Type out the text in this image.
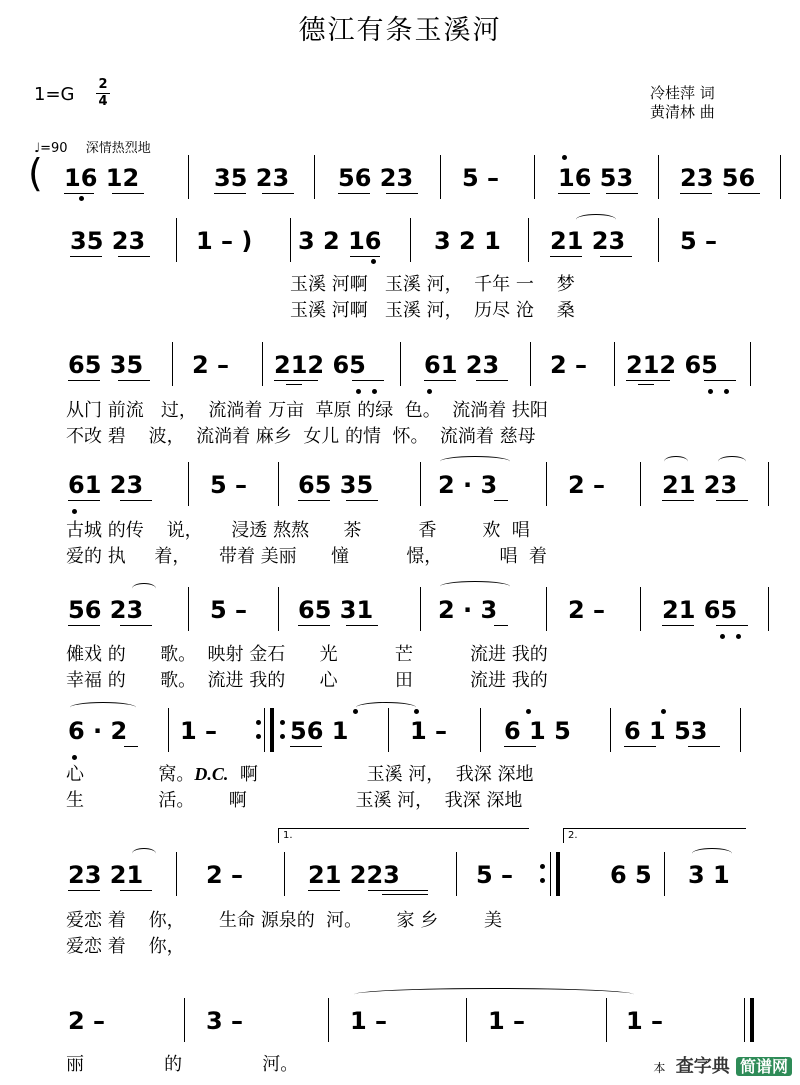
德江有条玉溪河
1=G 2
4	冷桂萍 词
黄清林 曲
♩=90 深情热烈地
( 16 12	35 23 56 23 5 – 16 53 23 56
35 23 1 – ) 3 2 16 3 2 1 21 23 5 –
玉溪 河啊 玉溪 河， 千年 一 梦
玉溪 河啊 玉溪 河， 历尽 沧 桑
65 35 2 – 212 65 61 23 2 – 212 65
从门 前流 过， 流淌着 万亩 草原 的绿 色。 流淌着 扶阳
不改 碧 波， 流淌着 麻乡 女儿 的情 怀。 流淌着 慈母
61 23	5 – 65 35	2 · 3	2 – 21 23
古城 的传 说， 浸透 熬熬 茶	香	欢  唱
爱的 执 着， 带着 美丽 憧	憬，	唱  着
56 23	5 – 65 31	2 · 3	2 – 21 65
傩戏 的 歌。 映射 金石 光	芒	流进 我的
幸福 的 歌。 流进 我的 心	田	流进 我的
6 · 2 1 –	56 1	1 – 6 1 5 6 1 53
心	窝。D.C. 啊	玉溪 河， 我深 深地
生	活。 啊	玉溪 河， 我深 深地
1.	2.
23 21	2 –	21 223	5 –	6 5 3 1
爱恋 着 你， 生命 源泉的 河。 家 乡	美
爱恋 着 你，
2 –	3 –	1 –	1 –	1 –
丽	的	河。	本 查字典 简谱网
